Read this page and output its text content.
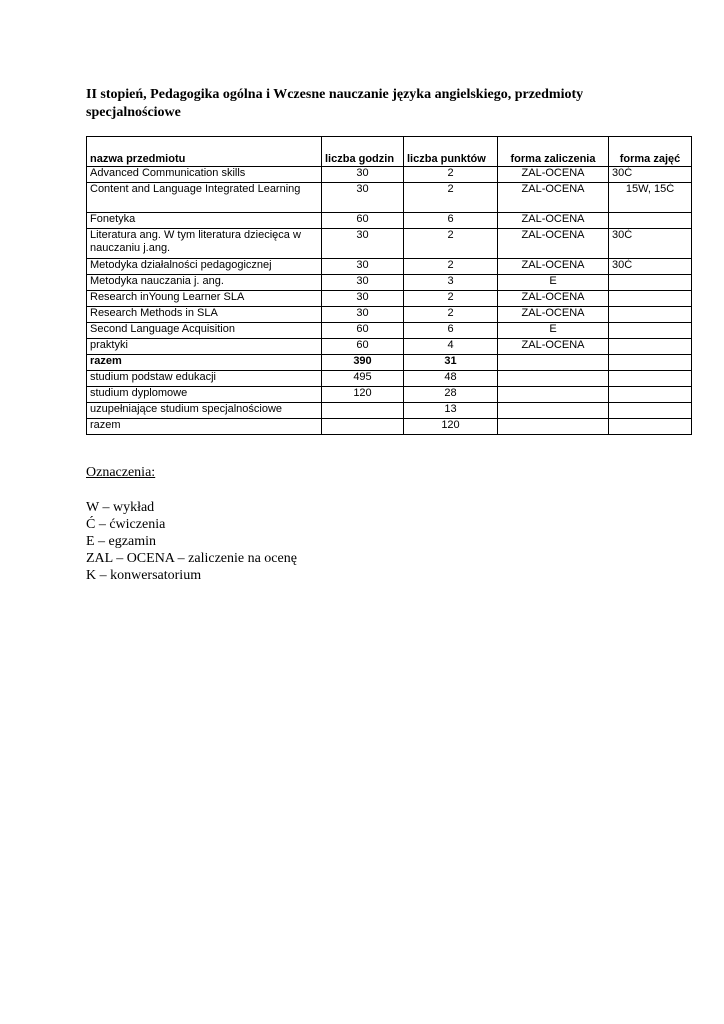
II stopień, Pedagogika ogólna i Wczesne nauczanie języka angielskiego, przedmioty specjalnościowe
nazwa przedmiotu	liczba godzin	liczba punktów	forma zaliczenia	forma zajęć
Advanced Communication skills	30	2	ZAL-OCENA	30Ć
Content and Language Integrated Learning	30	2	ZAL-OCENA	15W, 15Ć
Fonetyka	60	6	ZAL-OCENA	
Literatura ang. W tym literatura dziecięca w nauczaniu j.ang.	30	2	ZAL-OCENA	30Ć
Metodyka działalności pedagogicznej	30	2	ZAL-OCENA	30Ć
Metodyka nauczania j. ang.	30	3	E	
Research inYoung Learner SLA	30	2	ZAL-OCENA	
Research Methods in SLA	30	2	ZAL-OCENA	
Second Language Acquisition	60	6	E	
praktyki	60	4	ZAL-OCENA	
razem	390	31		
studium podstaw edukacji	495	48		
studium dyplomowe	120	28		
uzupełniające studium specjalnościowe		13		
razem		120		
Oznaczenia:
W – wykład
Ć – ćwiczenia
E – egzamin
ZAL – OCENA – zaliczenie na ocenę
K – konwersatorium
